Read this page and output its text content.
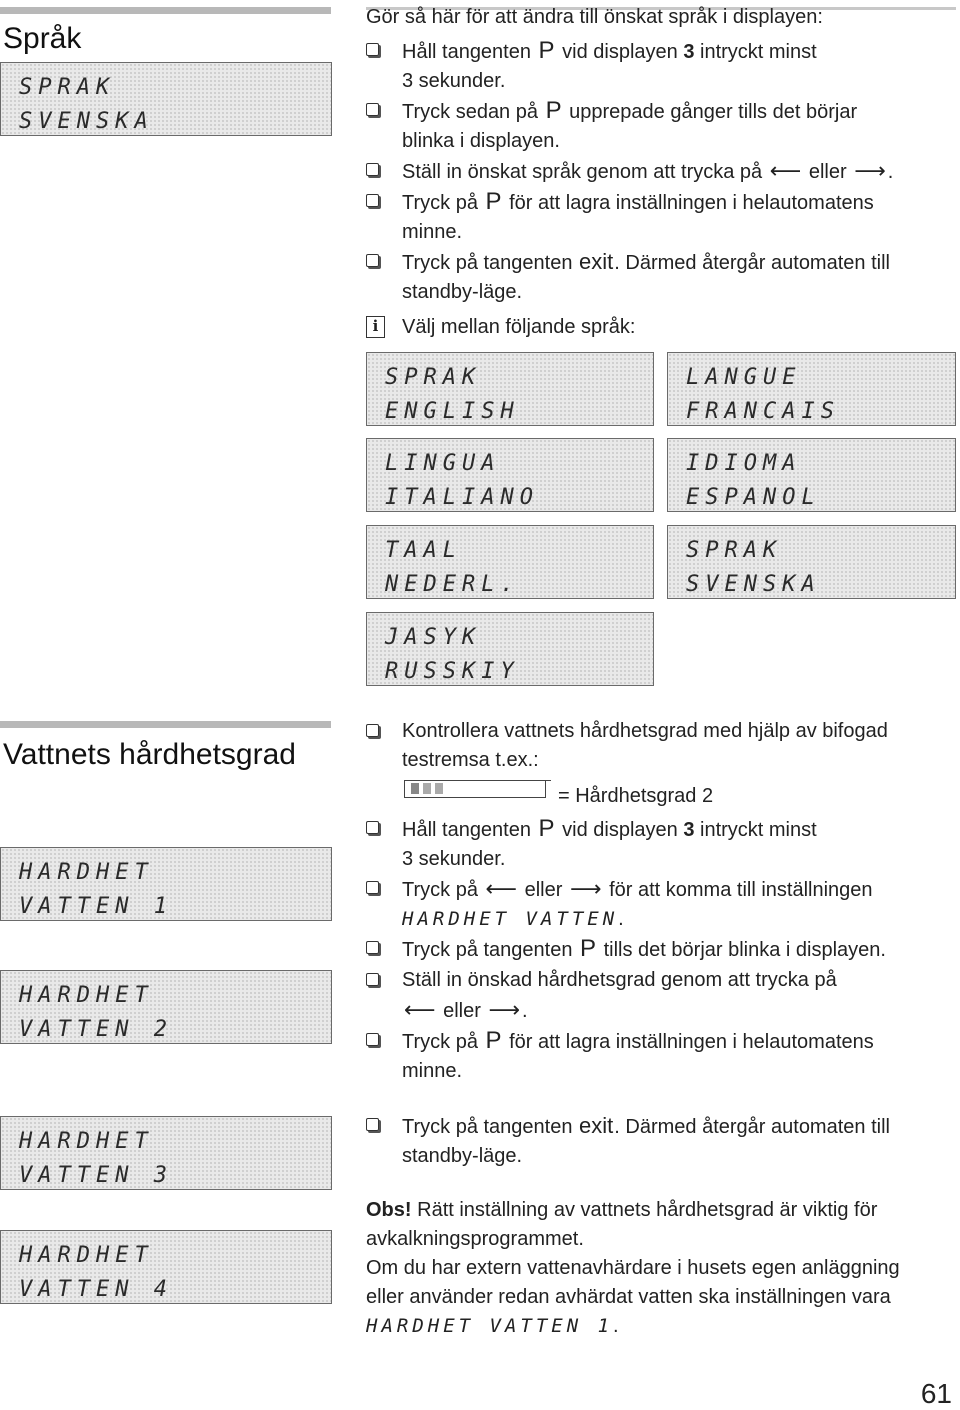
Språk
SPRAK
SVENSKA
Gör så här för att ändra till önskat språk i displayen:
Håll tangenten P vid displayen 3 intryckt minst
3 sekunder.
Tryck sedan på P upprepade gånger tills det börjar
blinka i displayen.
Ställ in önskat språk genom att trycka på ⟵ eller ⟶ .
Tryck på P för att lagra inställningen i helautomatens
minne.
Tryck på tangenten exit. Därmed återgår automaten till
standby-läge.
i	Välj mellan följande språk:
SPRAK
ENGLISH
LANGUE
FRANCAIS
LINGUA
ITALIANO
IDIOMA
ESPANOL
TAAL
NEDERL.
SPRAK
SVENSKA
JASYK
RUSSKIY
Vattnets hårdhetsgrad
HARDHET
VATTEN 1
HARDHET
VATTEN 2
HARDHET
VATTEN 3
HARDHET
VATTEN 4
Kontrollera vattnets hårdhetsgrad med hjälp av bifogad
testremsa t.ex.:
= Hårdhetsgrad 2
Håll tangenten P vid displayen 3 intryckt minst
3 sekunder.
Tryck på ⟵ eller ⟶ för att komma till inställningen
HARDHET VATTEN.
Tryck på tangenten P tills det börjar blinka i displayen.
Ställ in önskad hårdhetsgrad genom att trycka på
⟵ eller ⟶ .
Tryck på P för att lagra inställningen i helautomatens
minne.
Tryck på tangenten exit. Därmed återgår automaten till
standby-läge.
Obs! Rätt inställning av vattnets hårdhetsgrad är viktig för
avkalkningsprogrammet.
Om du har extern vattenavhärdare i husets egen anläggning
eller använder redan avhärdat vatten ska inställningen vara
HARDHET VATTEN 1.
61
